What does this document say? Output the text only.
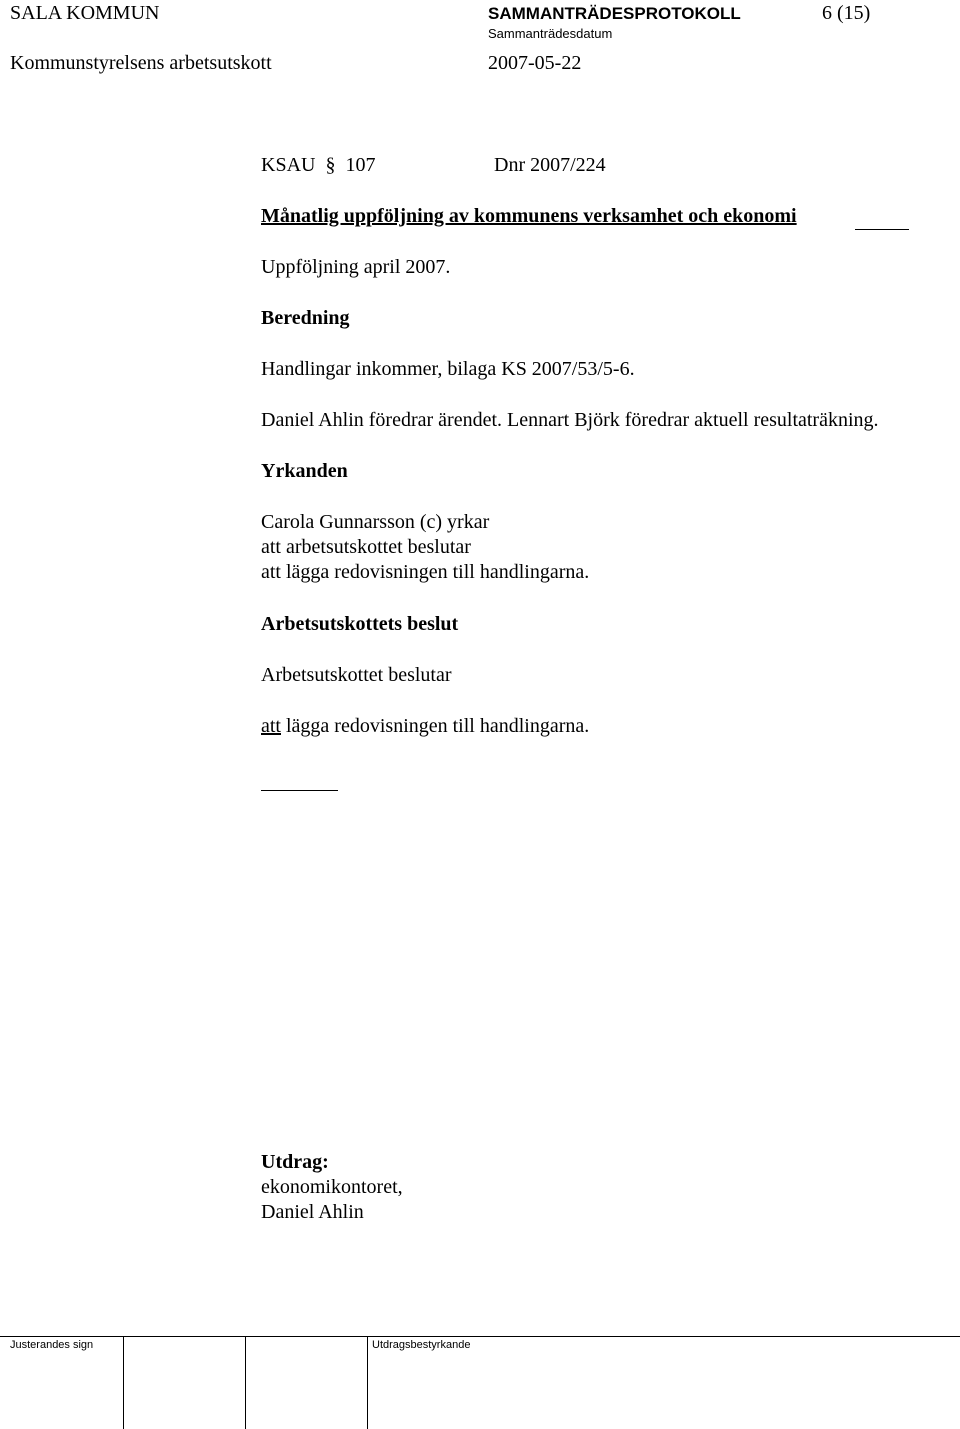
SALA KOMMUN	SAMMANTRÄDESPROTOKOLL	6 (15)
Sammanträdesdatum
Kommunstyrelsens arbetsutskott	2007-05-22
KSAU § 107	Dnr 2007/224
Månatlig uppföljning av kommunens verksamhet och ekonomi
Uppföljning april 2007.
Beredning
Handlingar inkommer, bilaga KS 2007/53/5-6.
Daniel Ahlin föredrar ärendet. Lennart Björk föredrar aktuell resultaträkning.
Yrkanden
Carola Gunnarsson (c) yrkar
att arbetsutskottet beslutar
att lägga redovisningen till handlingarna.
Arbetsutskottets beslut
Arbetsutskottet beslutar
att lägga redovisningen till handlingarna.
Utdrag:
ekonomikontoret,
Daniel Ahlin
Justerandes sign	Utdragsbestyrkande
